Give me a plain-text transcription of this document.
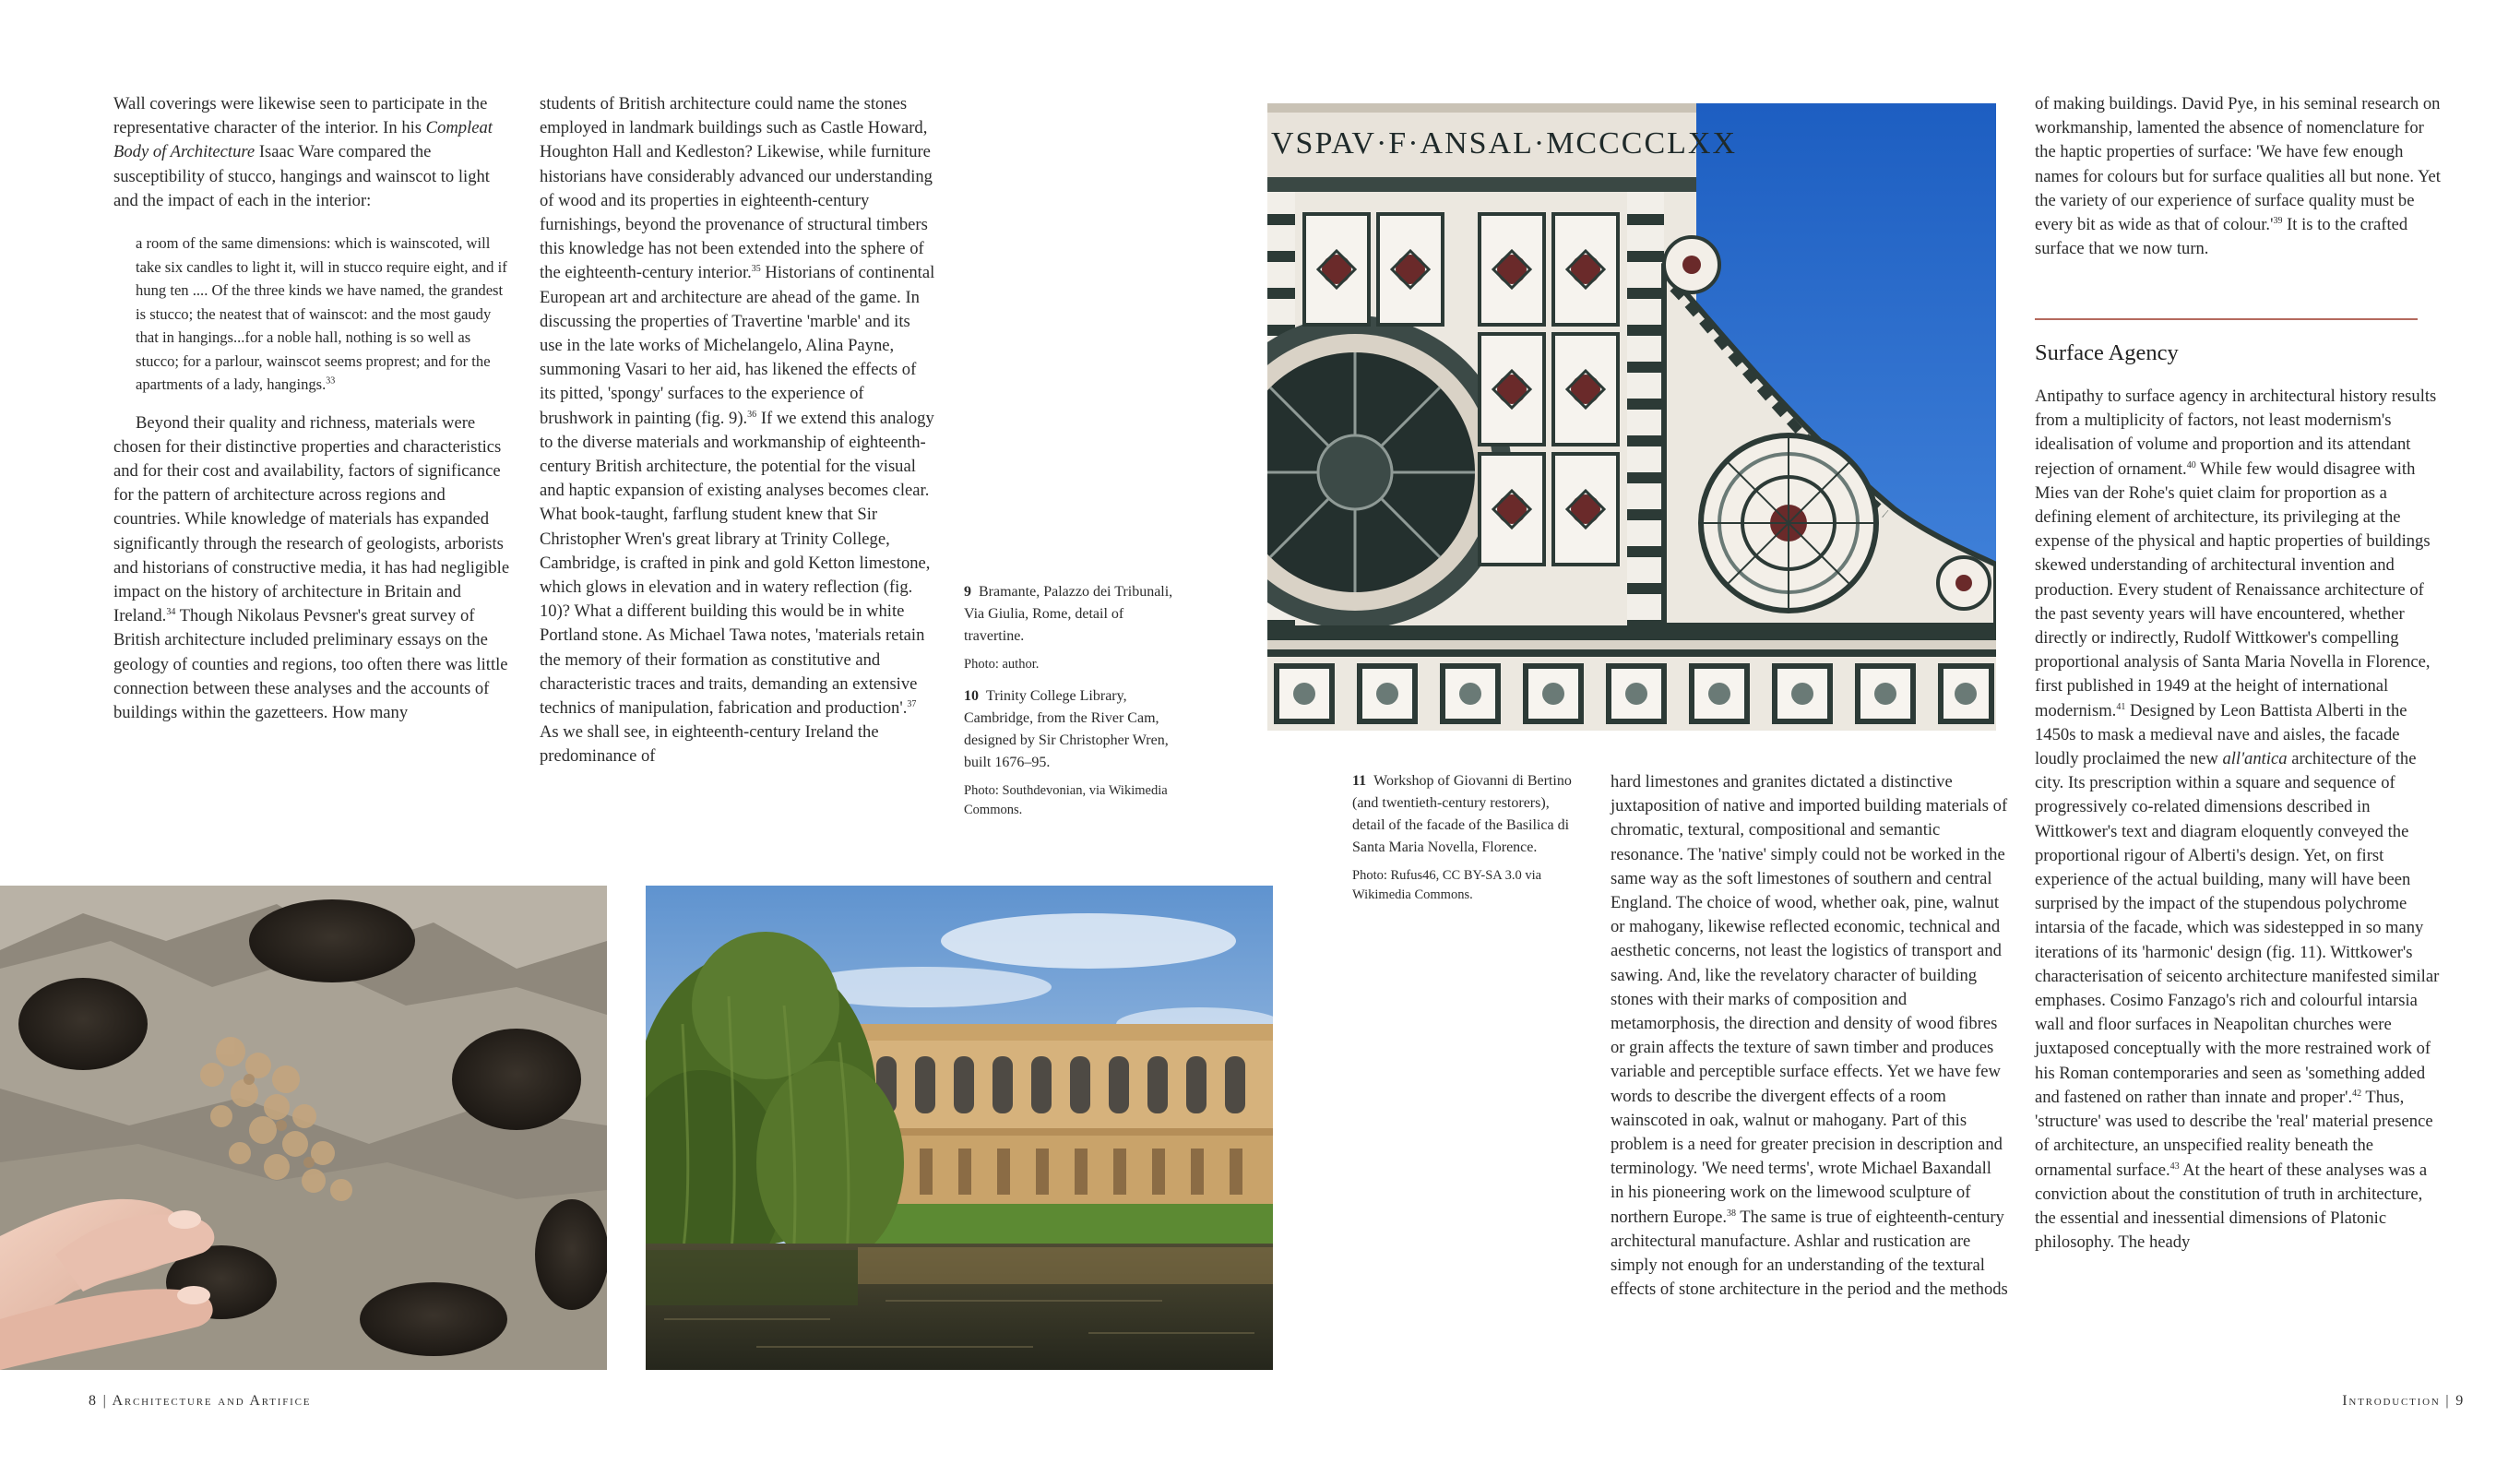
Wall coverings were likewise seen to participate in the representative character of the interior. In his Compleat Body of Architecture Isaac Ware compared the susceptibility of stucco, hangings and wainscot to light and the impact of each in the interior:

a room of the same dimensions: which is wainscoted, will take six candles to light it, will in stucco require eight, and if hung ten .... Of the three kinds we have named, the grandest is stucco; the neatest that of wainscot: and the most gaudy that in hangings...for a noble hall, nothing is so well as stucco; for a parlour, wainscot seems proprest; and for the apartments of a lady, hangings.$^{33}$

Beyond their quality and richness, materials were chosen for their distinctive properties and characteristics and for their cost and availability, factors of significance for the pattern of architecture across regions and countries. While knowledge of materials has expanded significantly through the research of geologists, arborists and historians of constructive media, it has had negligible impact on the history of architecture in Britain and Ireland.$^{34}$ Though Nikolaus Pevsner's great survey of British architecture included preliminary essays on the geology of counties and regions, too often there was little connection between these analyses and the accounts of buildings within the gazetteers. How many

students of British architecture could name the stones employed in landmark buildings such as Castle Howard, Houghton Hall and Kedleston? Likewise, while furniture historians have considerably advanced our understanding of wood and its properties in eighteenth-century furnishings, beyond the provenance of structural timbers this knowledge has not been extended into the sphere of the eighteenth-century interior.$^{35}$ Historians of continental European art and architecture are ahead of the game. In discussing the properties of Travertine 'marble' and its use in the late works of Michelangelo, Alina Payne, summoning Vasari to her aid, has likened the effects of its pitted, 'spongy' surfaces to the experience of brushwork in painting (fig. 9).$^{36}$ If we extend this analogy to the diverse materials and workmanship of eighteenth-century British architecture, the potential for the visual and haptic expansion of existing analyses becomes clear. What book-taught, farflung student knew that Sir Christopher Wren's great library at Trinity College, Cambridge, is crafted in pink and gold Ketton limestone, which glows in elevation and in watery reflection (fig. 10)? What a different building this would be in white Portland stone. As Michael Tawa notes, 'materials retain the memory of their formation as constitutive and characteristic traces and traits, demanding an extensive technics of manipulation, fabrication and production'.$^{37}$ As we shall see, in eighteenth-century Ireland the predominance of

9 Bramante, Palazzo dei Tribunali, Via Giulia, Rome, detail of travertine.

Photo: author.

10 Trinity College Library, Cambridge, from the River Cam, designed by Sir Christopher Wren, built 1676–95.

Photo: Southdevonian, via Wikimedia Commons.

8 | Architecture and Artifice
VSPAV·F·ANSAL·MCCCCLXX

11 Workshop of Giovanni di Bertino (and twentieth-century restorers), detail of the facade of the Basilica di Santa Maria Novella, Florence.

Photo: Rufus46, CC BY-SA 3.0 via Wikimedia Commons.

hard limestones and granites dictated a distinctive juxtaposition of native and imported building materials of chromatic, textural, compositional and semantic resonance. The 'native' simply could not be worked in the same way as the soft limestones of southern and central England. The choice of wood, whether oak, pine, walnut or mahogany, likewise reflected economic, technical and aesthetic concerns, not least the logistics of transport and sawing. And, like the revelatory character of building stones with their marks of composition and metamorphosis, the direction and density of wood fibres or grain affects the texture of sawn timber and produces variable and perceptible surface effects. Yet we have few words to describe the divergent effects of a room wainscoted in oak, walnut or mahogany. Part of this problem is a need for greater precision in description and terminology. 'We need terms', wrote Michael Baxandall in his pioneering work on the limewood sculpture of northern Europe.$^{38}$ The same is true of eighteenth-century architectural manufacture. Ashlar and rustication are simply not enough for an understanding of the textural effects of stone architecture in the period and the methods

of making buildings. David Pye, in his seminal research on workmanship, lamented the absence of nomenclature for the haptic properties of surface: 'We have few enough names for colours but for surface qualities all but none. Yet the variety of our experience of surface quality must be every bit as wide as that of $colour.'^{39}$ It is to the crafted surface that we now turn.

Surface Agency

Antipathy to surface agency in architectural history results from a multiplicity of factors, not least modernism's idealisation of volume and proportion and its attendant rejection of ornament.$^{40}$ While few would disagree with Mies van der Rohe's quiet claim for proportion as a defining element of architecture, its privileging at the expense of the physical and haptic properties of buildings skewed understanding of architectural invention and production. Every student of Renaissance architecture of the past seventy years will have encountered, whether directly or indirectly, Rudolf Wittkower's compelling proportional analysis of Santa Maria Novella in Florence, first published in 1949 at the height of international modernism.$^{41}$ Designed by Leon Battista Alberti in the 1450s to mask a medieval nave and aisles, the facade loudly proclaimed the new all'antica architecture of the city. Its prescription within a square and sequence of progressively co-related dimensions described in Wittkower's text and diagram eloquently conveyed the proportional rigour of Alberti's design. Yet, on first experience of the actual building, many will have been surprised by the impact of the stupendous polychrome intarsia of the facade, which was sidestepped in so many iterations of its 'harmonic' design (fig. 11). Wittkower's characterisation of seicento architecture manifested similar emphases. Cosimo Fanzago's rich and colourful intarsia wall and floor surfaces in Neapolitan churches were juxtaposed conceptually with the more restrained work of his Roman contemporaries and seen as 'something added and fastened on rather than innate and proper'.$^{42}$ Thus, 'structure' was used to describe the 'real' material presence of architecture, an unspecified reality beneath the ornamental surface.$^{43}$ At the heart of these analyses was a conviction about the constitution of truth in architecture, the essential and inessential dimensions of Platonic philosophy. The heady

Introduction | 9
